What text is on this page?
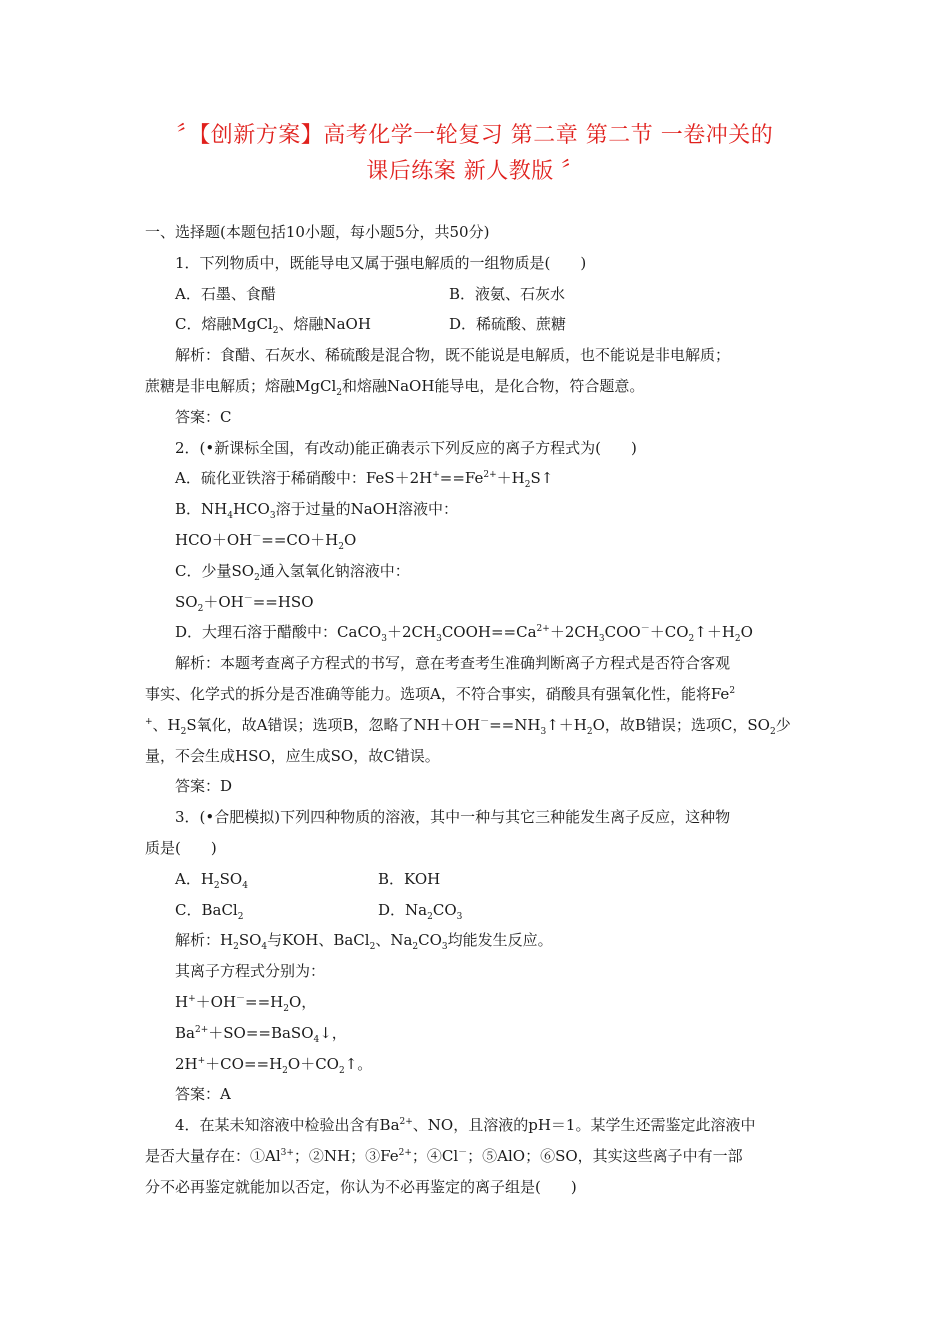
〞【创新方案】高考化学一轮复习 第二章 第二节 一卷冲关的
课后练案 新人教版 〞
一、选择题(本题包括10小题，每小题5分，共50分)
1．下列物质中，既能导电又属于强电解质的一组物质是(　　)
A．石墨、食醋	B．液氨、石灰水
C．熔融MgCl$_2$、熔融NaOH	D．稀硫酸、蔗糖
解析：食醋、石灰水、稀硫酸是混合物，既不能说是电解质，也不能说是非电解质；
蔗糖是非电解质；熔融MgCl$_2$和熔融NaOH能导电，是化合物，符合题意。
答案：C
2．(•新课标全国，有改动)能正确表示下列反应的离子方程式为(　　)
A．硫化亚铁溶于稀硝酸中：$FeS+2H^+==Fe^{2+}+H_2S↑$
B．$NH_4HCO_3$溶于过量的NaOH溶液中：
$HCO+OH^-==CO+H_2O$
C．少量$SO_2$通入氢氧化钠溶液中：
$SO_2+OH^-==HSO$
D．大理石溶于醋酸中：$CaCO_3+2CH_3COOH==Ca^{2+}+2CH_3COO^-+CO_2↑+H_2O$
解析：本题考查离子方程式的书写，意在考查考生准确判断离子方程式是否符合客观
事实、化学式的拆分是否准确等能力。选项A，不符合事实，硝酸具有强氧化性，能将Fe$^2$
+、$H_2S$氧化，故A错误；选项B，忽略了$NH+OH^-==NH_3↑+H_2O$，故B错误；选项C，$SO_2$少
量，不会生成HSO，应生成SO，故C错误。
答案：D
3．(•合肥模拟)下列四种物质的溶液，其中一种与其它三种能发生离子反应，这种物
质是(　　)
A．$H_2SO_4$	B．KOH
C．BaCl$_2$	D．$Na_2CO_3$
解析：$H_2SO_4$与KOH、BaCl$_2$、$Na_2CO_3$均能发生反应。
其离子方程式分别为：
$H^++OH^-==H_2O$，
$Ba^{2+}+SO==BaSO_4↓$，
$2H^++CO==H_2O+CO_2↑$。
答案：A
4．在某未知溶液中检验出含有$Ba^{2+}$、NO，且溶液的pH＝1。某学生还需鉴定此溶液中
是否大量存在：$①Al^{3+}$；②NH；$③Fe^{2+}$；④Cl－；⑤AlO；⑥SO，其实这些离子中有一部
分不必再鉴定就能加以否定，你认为不必再鉴定的离子组是(　　)
